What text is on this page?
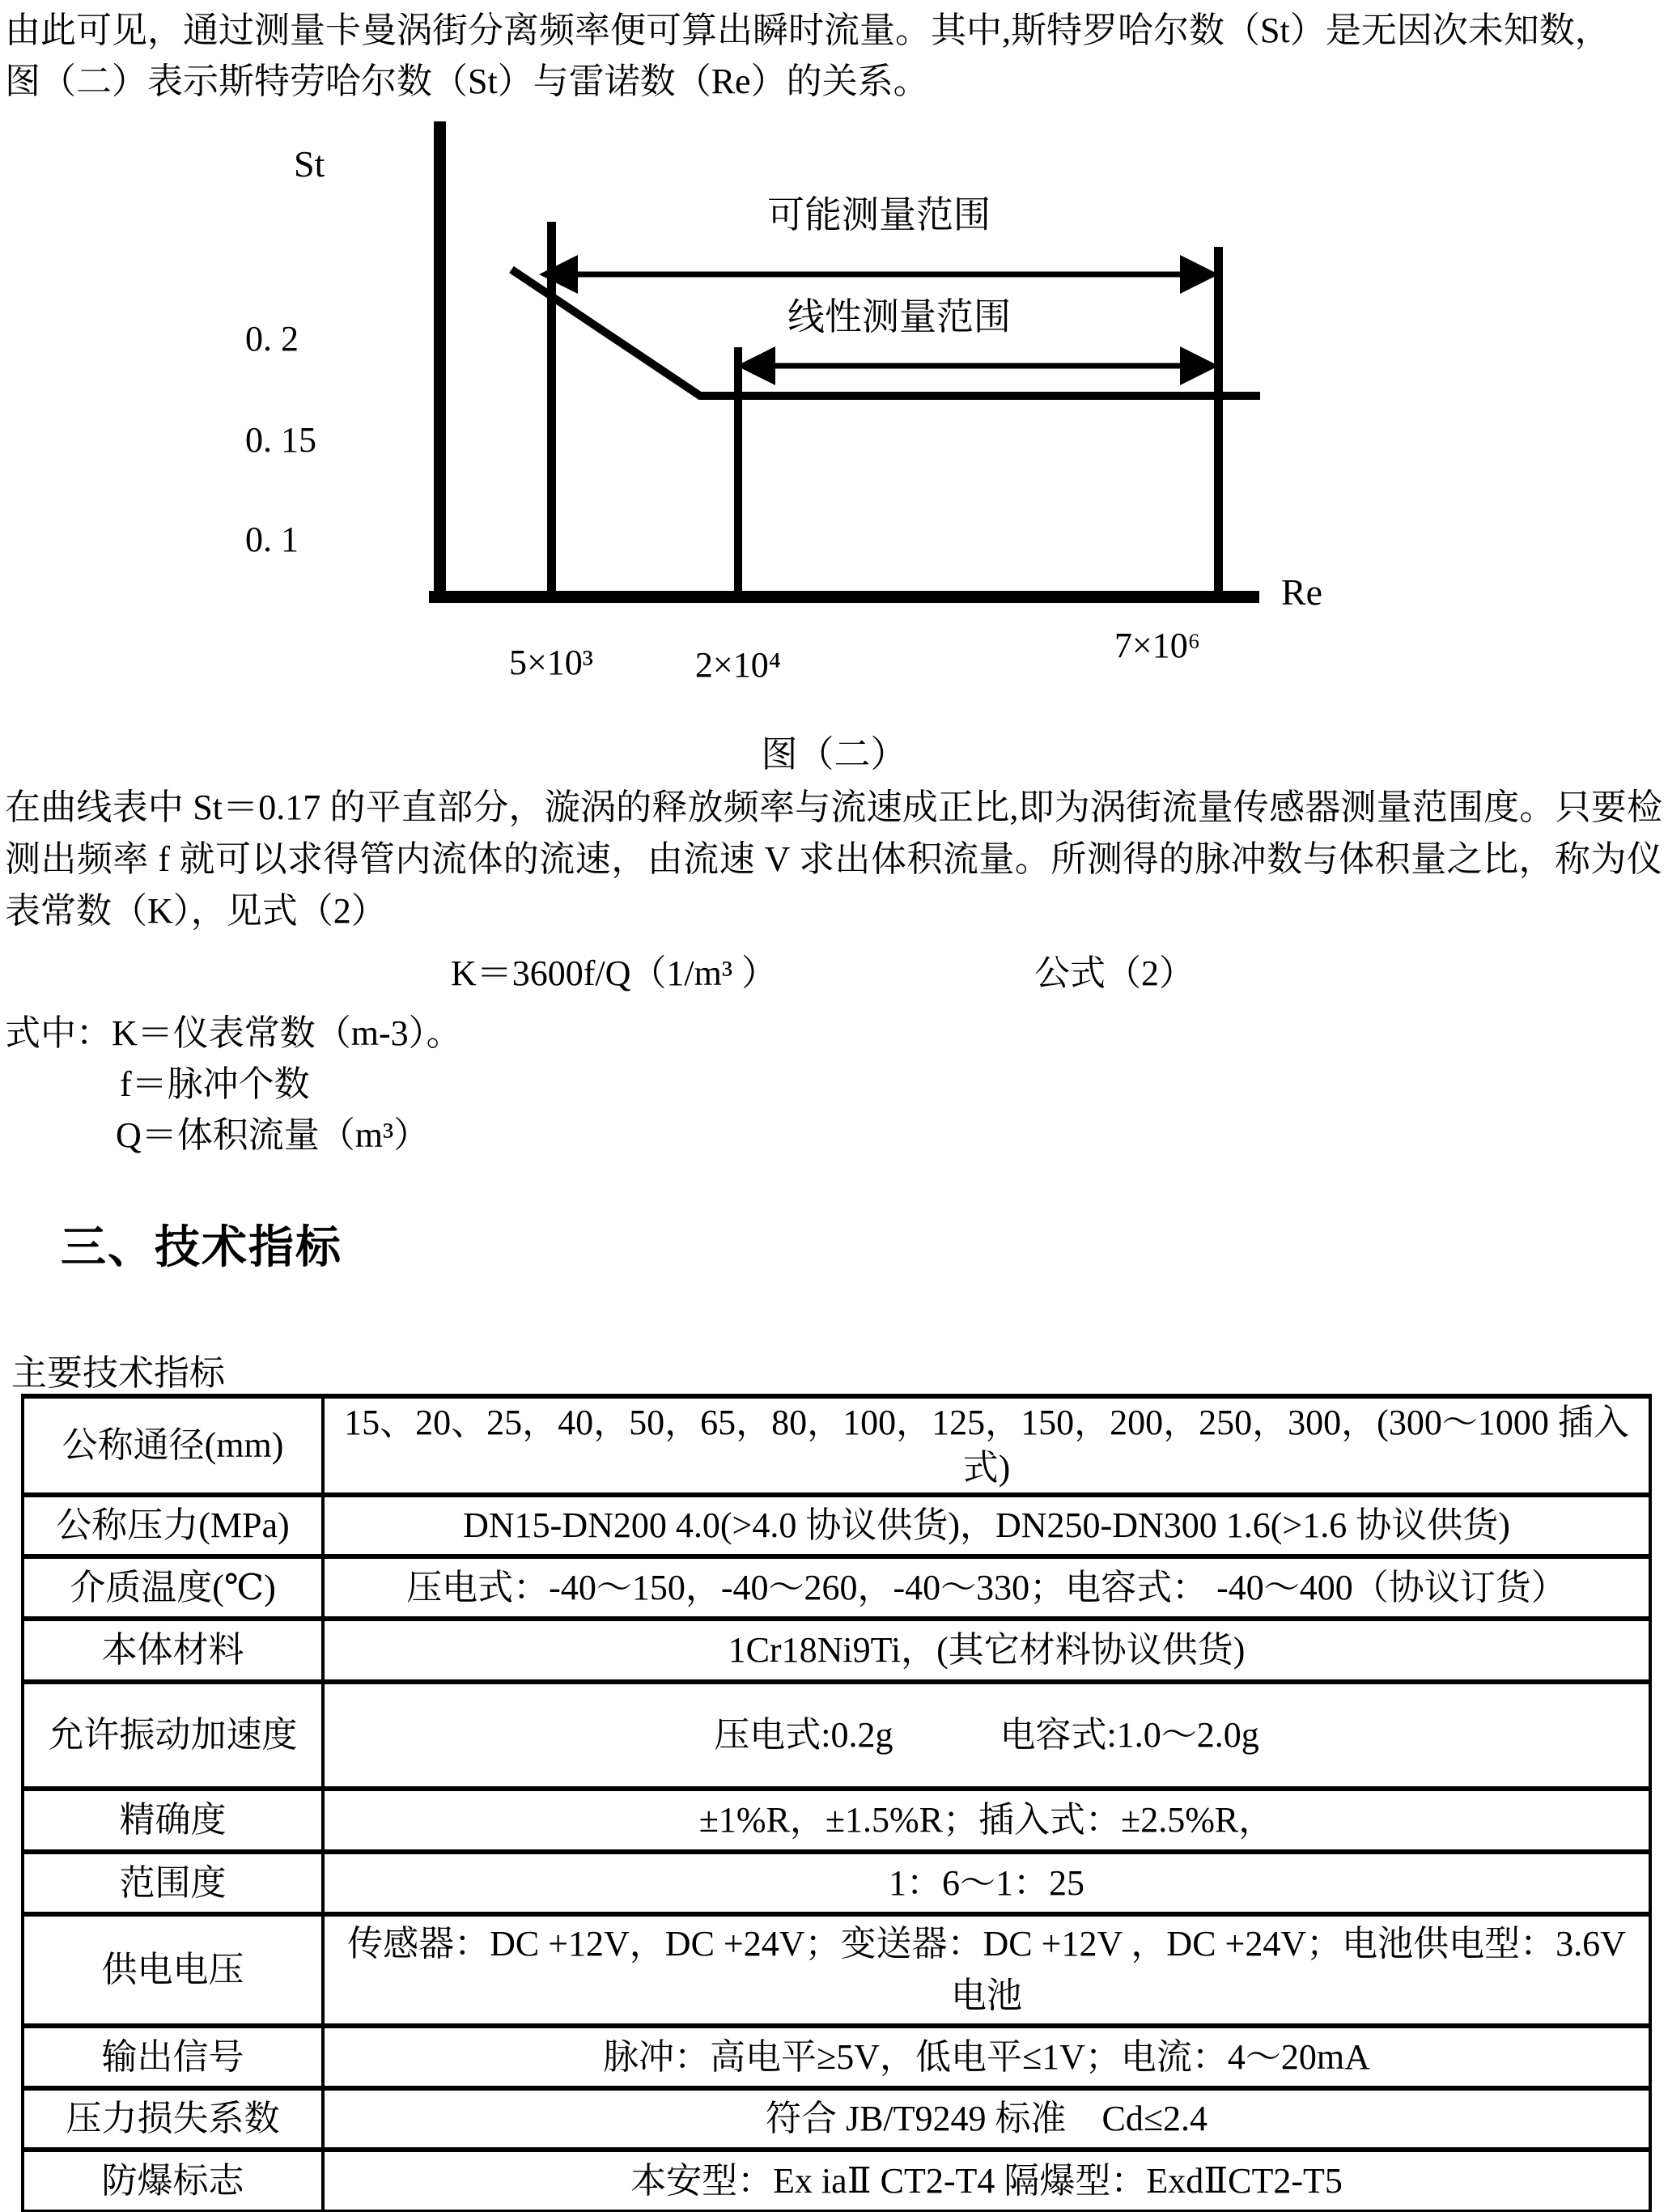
由此可见，通过测量卡曼涡街分离频率便可算出瞬时流量。其中,斯特罗哈尔数（St）是无因次未知数，
图（二）表示斯特劳哈尔数（St）与雷诺数（Re）的关系。
St
Re
0. 2
0. 15
0. 1
可能测量范围
线性测量范围
5×10³	2×10⁴	7×10⁶
图（二）
在曲线表中 St＝0.17 的平直部分，漩涡的释放频率与流速成正比,即为涡街流量传感器测量范围度。只要检测出频率 f 就可以求得管内流体的流速，由流速 V 求出体积流量。所测得的脉冲数与体积量之比，称为仪表常数（K），见式（2）
K＝3600f/Q（1/m³ ）	公式（2）
式中：K＝仪表常数（m-3）。
f＝脉冲个数
Q＝体积流量（m³）
三、技术指标
主要技术指标
公称通径(mm)	15、20、25，40，50，65，80，100，125，150，200，250，300，(300～1000 插入式)
公称压力(MPa)	DN15-DN200 4.0(>4.0 协议供货)，DN250-DN300 1.6(>1.6 协议供货)
介质温度(℃)	压电式：-40～150，-40～260，-40～330；电容式： -40～400（协议订货）
本体材料	1Cr18Ni9Ti，(其它材料协议供货)
允许振动加速度	压电式:0.2g　　　电容式:1.0～2.0g
精确度	±1%R，±1.5%R；插入式：±2.5%R，
范围度	1：6～1：25
供电电压	传感器：DC +12V，DC +24V；变送器：DC +12V ，DC +24V；电池供电型：3.6V 电池
输出信号	脉冲：高电平≥5V，低电平≤1V；电流：4～20mA
压力损失系数	符合 JB/T9249 标准　Cd≤2.4
防爆标志	本安型：Ex iaⅡ CT2-T4 隔爆型：ExdⅡCT2-T5
